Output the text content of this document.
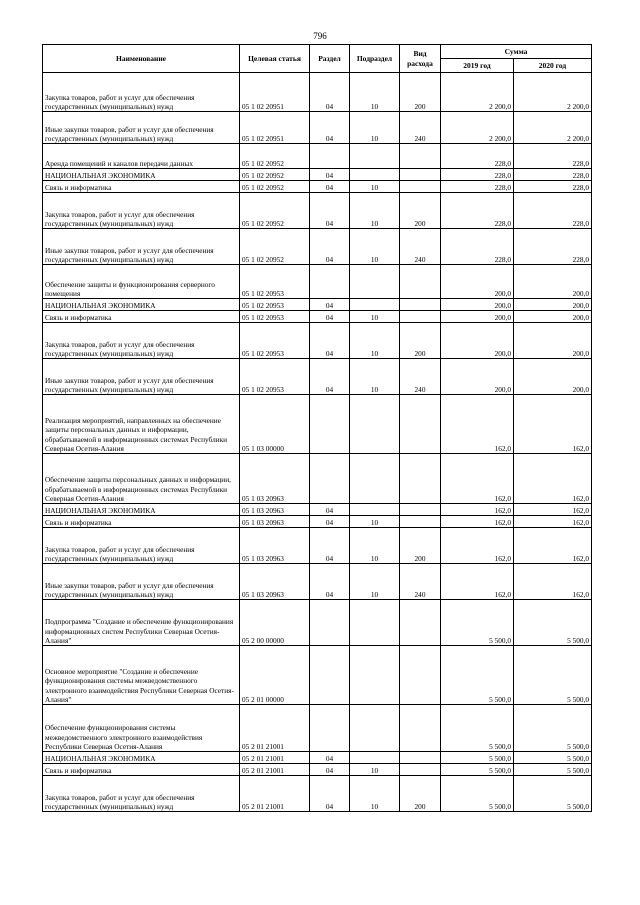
796
Наименование	Целевая статья	Раздел	Подраздел	Вид расхода	Сумма	
					2019 год	2020 год
Закупка товаров, работ и услуг для обеспечения государственных (муниципальных) нужд	05 1 02 20951	04	10	200	2 200,0	2 200,0
Иные закупки товаров, работ и услуг для обеспечения государственных (муниципальных) нужд	05 1 02 20951	04	10	240	2 200,0	2 200,0
Аренда помещений и каналов передачи данных	05 1 02 20952				228,0	228,0
НАЦИОНАЛЬНАЯ ЭКОНОМИКА	05 1 02 20952	04			228,0	228,0
Связь и информатика	05 1 02 20952	04	10		228,0	228,0
Закупка товаров, работ и услуг для обеспечения государственных (муниципальных) нужд	05 1 02 20952	04	10	200	228,0	228,0
Иные закупки товаров, работ и услуг для обеспечения государственных (муниципальных) нужд	05 1 02 20952	04	10	240	228,0	228,0
Обеспечение защиты и функционирования серверного помещения	05 1 02 20953				200,0	200,0
НАЦИОНАЛЬНАЯ ЭКОНОМИКА	05 1 02 20953	04			200,0	200,0
Связь и информатика	05 1 02 20953	04	10		200,0	200,0
Закупка товаров, работ и услуг для обеспечения государственных (муниципальных) нужд	05 1 02 20953	04	10	200	200,0	200,0
Иные закупки товаров, работ и услуг для обеспечения государственных (муниципальных) нужд	05 1 02 20953	04	10	240	200,0	200,0
Реализация мероприятий, направленных на обеспечение защиты персональных данных и информации, обрабатываемой в информационных системах Республики Северная Осетия-Алания	05 1 03 00000				162,0	162,0
Обеспечение защиты персональных данных и информации, обрабатываемой в информационных системах Республики Северная Осетия-Алания	05 1 03 20963				162,0	162,0
НАЦИОНАЛЬНАЯ ЭКОНОМИКА	05 1 03 20963	04			162,0	162,0
Связь и информатика	05 1 03 20963	04	10		162,0	162,0
Закупка товаров, работ и услуг для обеспечения государственных (муниципальных) нужд	05 1 03 20963	04	10	200	162,0	162,0
Иные закупки товаров, работ и услуг для обеспечения государственных (муниципальных) нужд	05 1 03 20963	04	10	240	162,0	162,0
Подпрограмма "Создание и обеспечение функционирования информационных систем Республики Северная Осетия-Алания"	05 2 00 00000				5 500,0	5 500,0
Основное мероприятие "Создание и обеспечение функционирования системы межведомственного электронного взаимодействия Республики Северная Осетия-Алания"	05 2 01 00000				5 500,0	5 500,0
Обеспечение функционирования системы межведомственного электронного взаимодействия Республики Северная Осетия-Алания	05 2 01 21001				5 500,0	5 500,0
НАЦИОНАЛЬНАЯ ЭКОНОМИКА	05 2 01 21001	04			5 500,0	5 500,0
Связь и информатика	05 2 01 21001	04	10		5 500,0	5 500,0
Закупка товаров, работ и услуг для обеспечения государственных (муниципальных) нужд	05 2 01 21001	04	10	200	5 500,0	5 500,0
